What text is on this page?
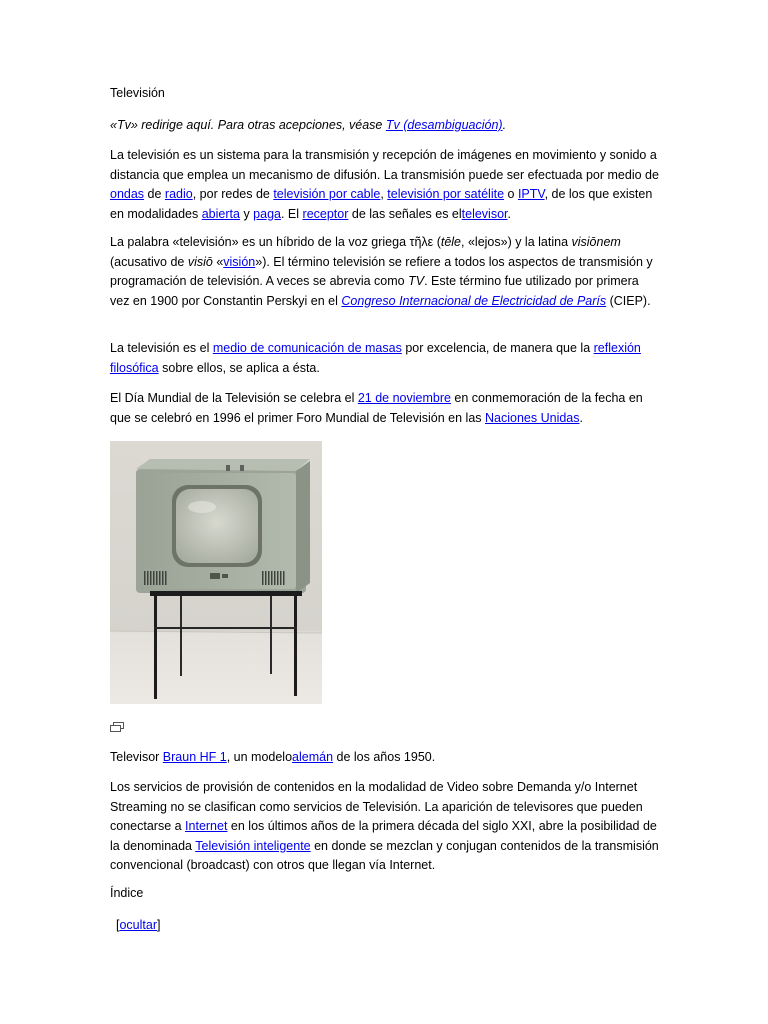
Televisión

«Tv» redirige aquí. Para otras acepciones, véase Tv (desambiguación).

La televisión es un sistema para la transmisión y recepción de imágenes en movimiento y sonido a distancia que emplea un mecanismo de difusión. La transmisión puede ser efectuada por medio de ondas de radio, por redes de televisión por cable, televisión por satélite o IPTV, de los que existen en modalidades abierta y paga. El receptor de las señales es eltelevisor.

La palabra «televisión» es un híbrido de la voz griega τῆλε (tēle, «lejos») y la latina visiōnem (acusativo de visiō «visión»). El término televisión se refiere a todos los aspectos de transmisión y programación de televisión. A veces se abrevia como TV. Este término fue utilizado por primera vez en 1900 por Constantin Perskyi en el Congreso Internacional de Electricidad de París (CIEP).

La televisión es el medio de comunicación de masas por excelencia, de manera que la reflexión filosófica sobre ellos, se aplica a ésta.

El Día Mundial de la Televisión se celebra el 21 de noviembre en conmemoración de la fecha en que se celebró en 1996 el primer Foro Mundial de Televisión en las Naciones Unidas.

Televisor Braun HF 1, un modeloalemán de los años 1950.

Los servicios de provisión de contenidos en la modalidad de Video sobre Demanda y/o Internet Streaming no se clasifican como servicios de Televisión. La aparición de televisores que pueden conectarse a Internet en los últimos años de la primera década del siglo XXI, abre la posibilidad de la denominada Televisión inteligente en donde se mezclan y conjugan contenidos de la transmisión convencional (broadcast) con otros que llegan vía Internet.

Índice

[ocultar]
